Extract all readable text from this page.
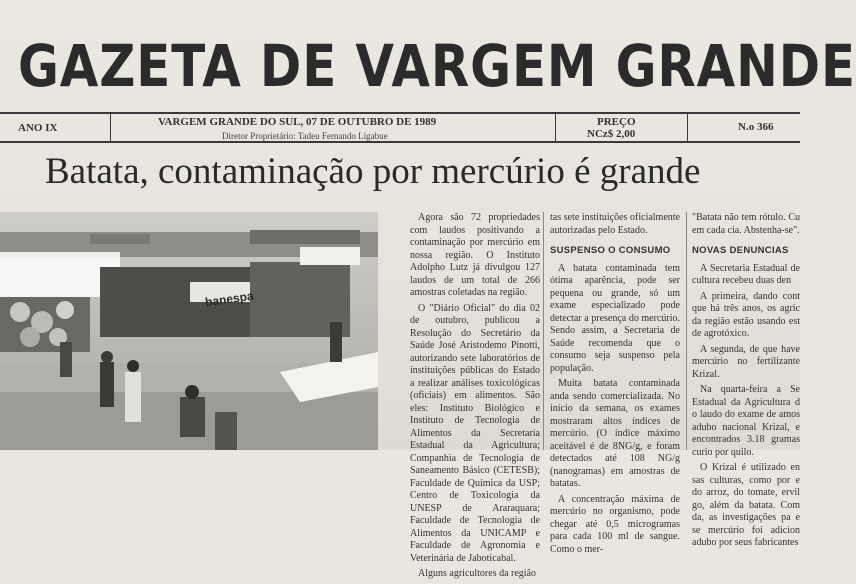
GAZETA DE VARGEM GRANDE
ANO IX	VARGEM GRANDE DO SUL, 07 DE OUTUBRO DE 1989
Diretor Proprietário: Tadeu Fernando Ligabue
PREÇO
NCz$ 2,00
N.o 366
Batata, contaminação por mercúrio é grande
banespa

Agora são 72 propriedades com laudos positivando a contaminação por mercúrio em nossa região. O Instituto Adolpho Lutz já divulgou 127 laudos de um total de 266 amostras coletadas na região.

O "Diário Oficial" do dia 02 de outubro, publicou a Resolução do Secretário da Saúde José Aristodemo Pinotti, autorizando sete laboratórios de instituições públicas do Estado a realizar análises toxicológicas (oficiais) em alimentos. São eles: Instituto Biológico e Instituto de Tecnologia de Alimentos da Secretaria Estadual da Agricultura; Companhia de Tecnologia de Saneamento Básico (CETESB); Faculdade de Química da USP; Centro de Toxicologia da UNESP de Araraquara; Faculdade de Tecnologia de Alimentos da UNICAMP e Faculdade de Agronomia e Veterinária de Jaboticabal.

Alguns agricultores da região

tas sete instituições oficialmente autorizadas pelo Estado.

SUSPENSO O CONSUMO

A batata contaminada tem ótima aparência, pode ser pequena ou grande, só um exame especializado pode detectar a presença do mercúrio. Sendo assim, a Secretaria de Saúde recomenda que o consumo seja suspenso pela população.

Muita batata contaminada anda sendo comercializada. No início da semana, os exames mostraram altos índices de mercúrio. (O índice máximo aceitável é de 8NG/g, e foram detectados até 108 NG/g (nanogramas) em amostras de batatas.

A concentração máxima de mercúrio no organismo, pode chegar até 0,5 microgramas para cada 100 ml de sangue. Como o mer-

"Batata não tem rótulo. Cu em cada cia. Abstenha-se".

NOVAS DENUNCIAS

A Secretaria Estadual de cultura recebeu duas den

A primeira, dando cont que há três anos, os agric da região estão usando est de agrotóxico.

A segunda, de que have mercúrio no fertilizante Krizal.

Na quarta-feira a Se Estadual da Agricultura d o laudo do exame de amos adubo nacional Krizal, e encontrados 3.18 gramas curio por quilo.

O Krizal é utilizado en sas culturas, como por e do arroz, do tomate, ervil go, além da batata. Com da, as investigações pa e se mercúrio foi adicion adubo por seus fabricantes
